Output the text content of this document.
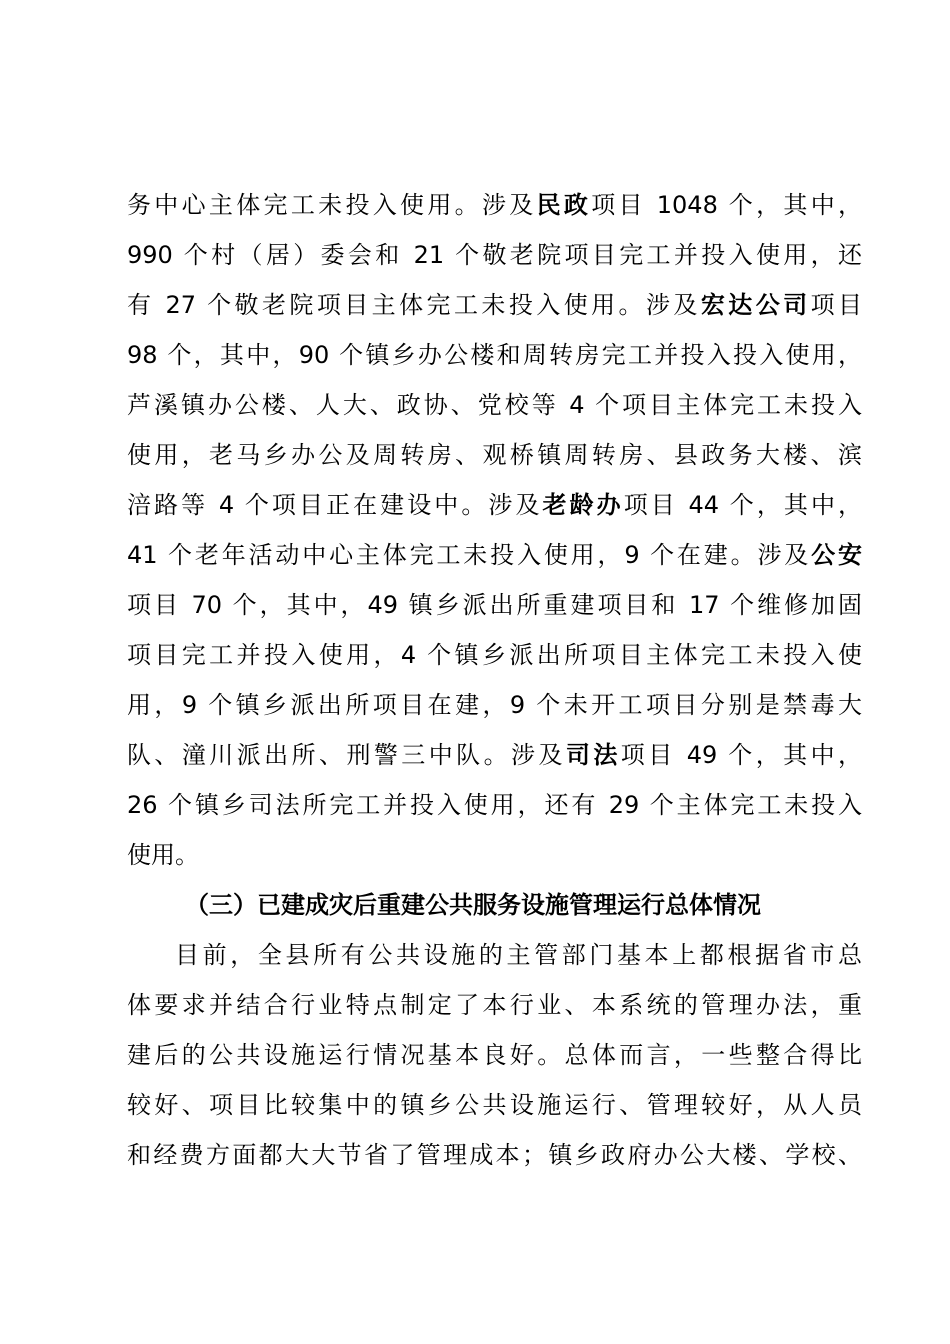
务中心主体完工未投入使用。涉及民政项目 1048 个，其中，
990 个村（居）委会和 21 个敬老院项目完工并投入使用，还
有 27 个敬老院项目主体完工未投入使用。涉及宏达公司项目
98 个，其中，90 个镇乡办公楼和周转房完工并投入投入使用，
芦溪镇办公楼、人大、政协、党校等 4 个项目主体完工未投入
使用，老马乡办公及周转房、观桥镇周转房、县政务大楼、滨
涪路等 4 个项目正在建设中。涉及老龄办项目 44 个，其中，
41 个老年活动中心主体完工未投入使用，9 个在建。涉及公安
项目 70 个，其中，49 镇乡派出所重建项目和 17 个维修加固
项目完工并投入使用，4 个镇乡派出所项目主体完工未投入使
用，9 个镇乡派出所项目在建，9 个未开工项目分别是禁毒大
队、潼川派出所、刑警三中队。涉及司法项目 49 个，其中，
26 个镇乡司法所完工并投入使用，还有 29 个主体完工未投入
使用。
（三）已建成灾后重建公共服务设施管理运行总体情况
目前，全县所有公共设施的主管部门基本上都根据省市总
体要求并结合行业特点制定了本行业、本系统的管理办法，重
建后的公共设施运行情况基本良好。总体而言，一些整合得比
较好、项目比较集中的镇乡公共设施运行、管理较好，从人员
和经费方面都大大节省了管理成本；镇乡政府办公大楼、学校、
